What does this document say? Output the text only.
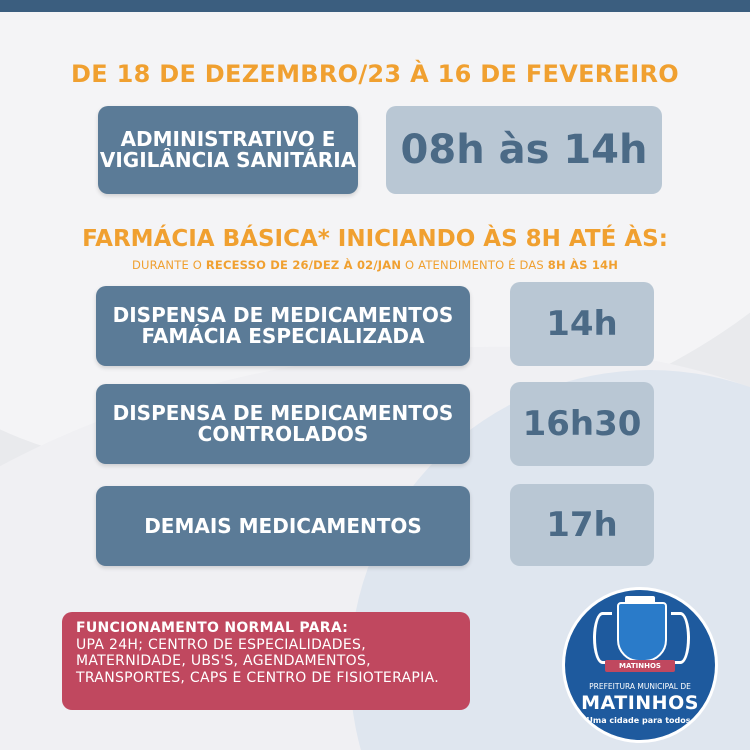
DE 18 DE DEZEMBRO/23 À 16 DE FEVEREIRO
ADMINISTRATIVO E VIGILÂNCIA SANITÁRIA	08h às 14h
FARMÁCIA BÁSICA* INICIANDO ÀS 8H ATÉ ÀS:
DURANTE O RECESSO DE 26/DEZ À 02/JAN O ATENDIMENTO É DAS 8H ÀS 14H
DISPENSA DE MEDICAMENTOS FAMÁCIA ESPECIALIZADA	14h
DISPENSA DE MEDICAMENTOS CONTROLADOS	16h30
DEMAIS MEDICAMENTOS	17h
FUNCIONAMENTO NORMAL PARA:
UPA 24H; CENTRO DE ESPECIALIDADES, MATERNIDADE, UBS'S, AGENDAMENTOS, TRANSPORTES, CAPS E CENTRO DE FISIOTERAPIA.
MATINHOS
PREFEITURA MUNICIPAL DE
MATINHOS
Uma cidade para todos.
